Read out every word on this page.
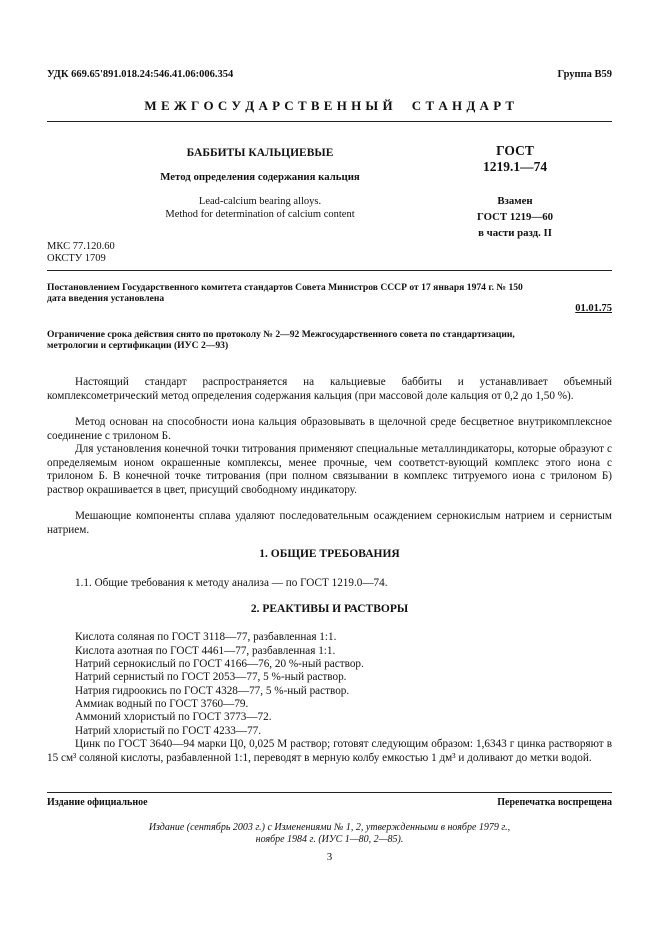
УДК 669.65'891.018.24:546.41.06:006.354	Группа В59
М Е Ж Г О С У Д А Р С Т В Е Н Н Ы Й     С Т А Н Д А Р Т
БАББИТЫ КАЛЬЦИЕВЫЕ
Метод определения содержания кальция
Lead-calcium bearing alloys.
Method for determination of calcium content
ГОСТ
1219.1—74
Взамен
ГОСТ 1219—60
в части разд. II
МКС 77.120.60
ОКСТУ 1709
Постановлением Государственного комитета стандартов Совета Министров СССР от 17 января 1974 г. № 150
дата введения установлена
01.01.75
Ограничение срока действия снято по протоколу № 2—92 Межгосударственного совета по стандартизации,
метрологии и сертификации (ИУС 2—93)
Настоящий стандарт распространяется на кальциевые баббиты и устанавливает объемный комплексометрический метод определения содержания кальция (при массовой доле кальция от 0,2 до 1,50 %).
Метод основан на способности иона кальция образовывать в щелочной среде бесцветное внутрикомплексное соединение с трилоном Б.
Для установления конечной точки титрования применяют специальные металлиндикаторы, которые образуют с определяемым ионом окрашенные комплексы, менее прочные, чем соответст-вующий комплекс этого иона с трилоном Б. В конечной точке титрования (при полном связывании в комплекс титруемого иона с трилоном Б) раствор окрашивается в цвет, присущий свободному индикатору.
Мешающие компоненты сплава удаляют последовательным осаждением сернокислым натрием и сернистым натрием.
1. ОБЩИЕ ТРЕБОВАНИЯ
1.1. Общие требования к методу анализа — по ГОСТ 1219.0—74.
2. РЕАКТИВЫ И РАСТВОРЫ
Кислота соляная по ГОСТ 3118—77, разбавленная 1:1.
Кислота азотная по ГОСТ 4461—77, разбавленная 1:1.
Натрий сернокислый по ГОСТ 4166—76, 20 %-ный раствор.
Натрий сернистый по ГОСТ 2053—77, 5 %-ный раствор.
Натрия гидроокись по ГОСТ 4328—77, 5 %-ный раствор.
Аммиак водный по ГОСТ 3760—79.
Аммоний хлористый по ГОСТ 3773—72.
Натрий хлористый по ГОСТ 4233—77.
Цинк по ГОСТ 3640—94 марки Ц0, 0,025 М раствор; готовят следующим образом: 1,6343 г цинка растворяют в 15 см³ соляной кислоты, разбавленной 1:1, переводят в мерную колбу емкостью 1 дм³ и доливают до метки водой.
Издание официальное	Перепечатка воспрещена
Издание (сентябрь 2003 г.) с Изменениями № 1, 2, утвержденными в ноябре 1979 г.,
ноябре 1984 г. (ИУС 1—80, 2—85).
3
